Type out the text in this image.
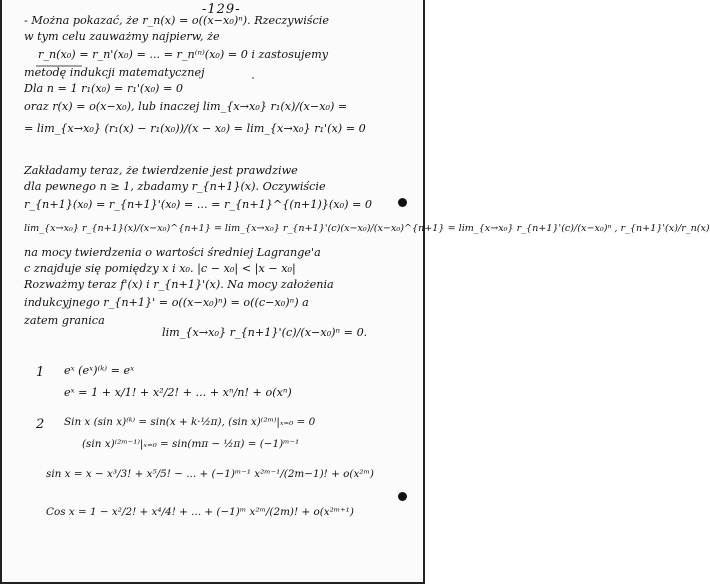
-129-
- Można pokazać, że r_n(x) = o((x−x₀)ⁿ). Rzeczywiście
w tym celu zauważmy najpierw, że
r_n(x₀) = r_n'(x₀) = ... = r_n⁽ⁿ⁾(x₀) = 0 i zastosujemy
metodę indukcji matematycznej
Dla n = 1 r₁(x₀) = r₁'(x₀) = 0
oraz r(x) = o(x−x₀), lub inaczej lim_{x→x₀} r₁(x)/(x−x₀) =
= lim_{x→x₀} (r₁(x) − r₁(x₀))/(x − x₀) = lim_{x→x₀} r₁'(x) = 0
Zakładamy teraz, że twierdzenie jest prawdziwe
dla pewnego n ≥ 1, zbadamy r_{n+1}(x). Oczywiście
r_{n+1}(x₀) = r_{n+1}'(x₀) = ... = r_{n+1}^{(n+1)}(x₀) = 0
lim_{x→x₀} r_{n+1}(x)/(x−x₀)^{n+1} = lim_{x→x₀} r_{n+1}'(c)(x−x₀)/(x−x₀)^{n+1} = lim_{x→x₀} r_{n+1}'(c)/(x−x₀)ⁿ , r_{n+1}'(x)/r_n(x)
na mocy twierdzenia o wartości średniej Lagrange'a
c znajduje się pomiędzy x i x₀. |c − x₀| < |x − x₀|
Rozważmy teraz f'(x) i r_{n+1}'(x). Na mocy założenia
indukcyjnego r_{n+1}' = o((x−x₀)ⁿ) = o((c−x₀)ⁿ) a
zatem granica
lim_{x→x₀} r_{n+1}'(c)/(x−x₀)ⁿ = 0.
1 eˣ (eˣ)⁽ᵏ⁾ = eˣ
eˣ = 1 + x/1! + x²/2! + ... + xⁿ/n! + o(xⁿ)
2 Sin x (sin x)⁽ᵏ⁾ = sin(x + k·½π), (sin x)⁽²ᵐ⁾|ₓ₌₀ = 0
(sin x)⁽²ᵐ⁻¹⁾|ₓ₌₀ = sin(mπ − ½π) = (−1)ᵐ⁻¹
sin x = x − x³/3! + x⁵/5! − ... + (−1)ᵐ⁻¹ x²ᵐ⁻¹/(2m−1)! + o(x²ᵐ)
Cos x = 1 − x²/2! + x⁴/4! + ... + (−1)ᵐ x²ᵐ/(2m)! + o(x²ᵐ⁺¹)
